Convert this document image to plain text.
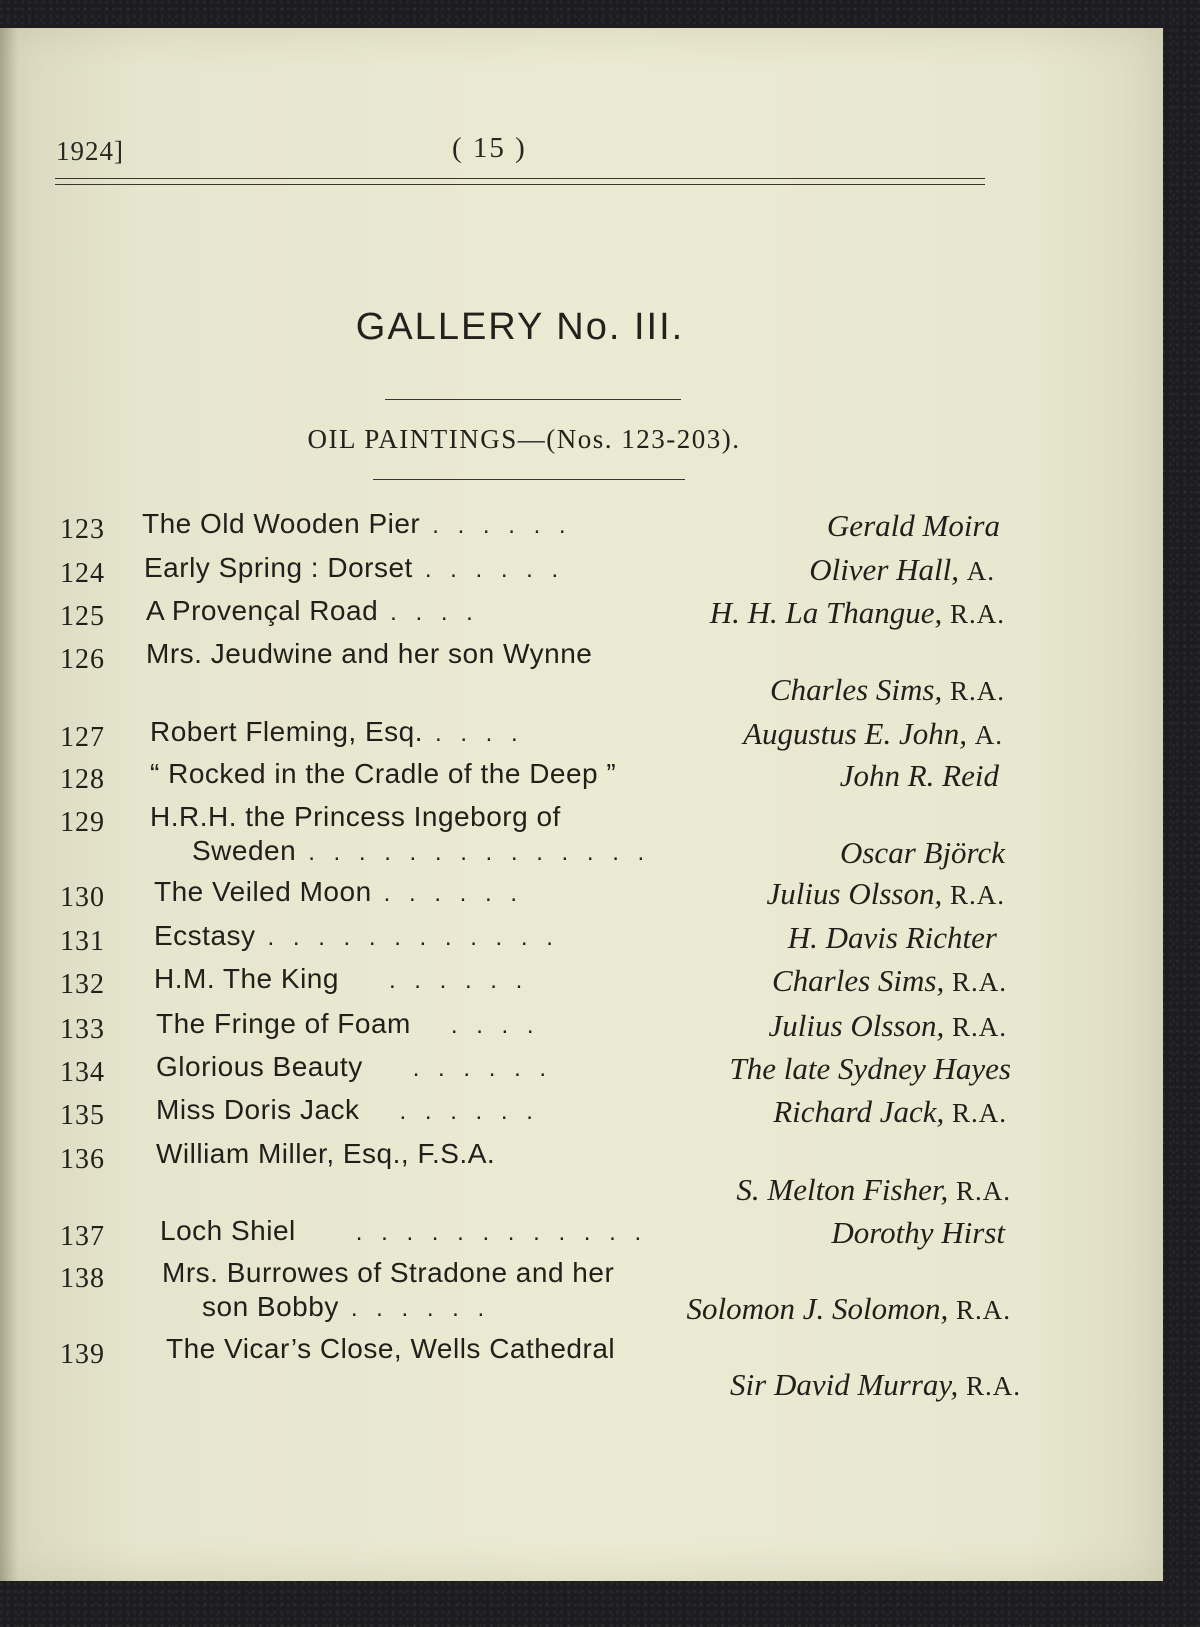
1924]	( 15 )
GALLERY No. III.
OIL PAINTINGS—(Nos. 123-203).
123 The Old Wooden Pier . . . . . .	Gerald Moira
124 Early Spring : Dorset . . . . . .	Oliver Hall, A.
125 A Provençal Road . . . .	H. H. La Thangue, R.A.
126 Mrs. Jeudwine and her son Wynne
Charles Sims, R.A.
127 Robert Fleming, Esq. . . . .	Augustus E. John, A.
128 “ Rocked in the Cradle of the Deep ”	John R. Reid
129 H.R.H. the Princess Ingeborg of
Sweden . . . . . . . . . . . . . .	Oscar Björck
130 The Veiled Moon . . . . . .	Julius Olsson, R.A.
131 Ecstasy . . . . . . . . . . . .	H. Davis Richter
132 H.M. The King . . . . . .	Charles Sims, R.A.
133 The Fringe of Foam . . . .	Julius Olsson, R.A.
134 Glorious Beauty . . . . . .	The late Sydney Hayes
135 Miss Doris Jack . . . . . .	Richard Jack, R.A.
136 William Miller, Esq., F.S.A.
S. Melton Fisher, R.A.
137 Loch Shiel	. . . . . . . . . . . .	Dorothy Hirst
138 Mrs. Burrowes of Stradone and her
son Bobby . . . . . .	Solomon J. Solomon, R.A.
139 The Vicar’s Close, Wells Cathedral
Sir David Murray, R.A.
